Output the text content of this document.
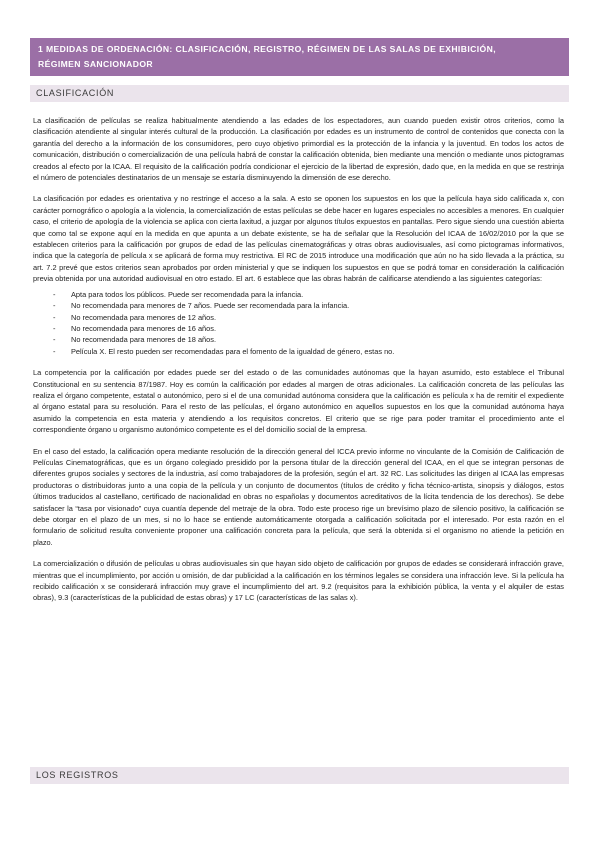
1 MEDIDAS DE ORDENACIÓN: CLASIFICACIÓN, REGISTRO, RÉGIMEN DE LAS SALAS DE EXHIBICIÓN,
RÉGIMEN SANCIONADOR
CLASIFICACIÓN

La clasificación de películas se realiza habitualmente atendiendo a las edades de los espectadores, aun cuando pueden existir otros criterios, como la clasificación atendiente al singular interés cultural de la producción. La clasificación por edades es un instrumento de control de contenidos que conecta con la garantía del derecho a la información de los consumidores, pero cuyo objetivo primordial es la protección de la infancia y la juventud. En todos los actos de comunicación, distribución o comercialización de una película habrá de constar la calificación obtenida, bien mediante una mención o mediante unos pictogramas creados al efecto por la ICAA. El requisito de la calificación podría condicionar el ejercicio de la libertad de expresión, dado que, en la medida en que se restrinja el número de potenciales destinatarios de un mensaje se estaría disminuyendo la dimensión de ese derecho.

La clasificación por edades es orientativa y no restringe el acceso a la sala. A esto se oponen los supuestos en los que la película haya sido calificada x, con carácter pornográfico o apología a la violencia, la comercialización de estas películas se debe hacer en lugares especiales no accesibles a menores. En cualquier caso, el criterio de apología de la violencia se aplica con cierta laxitud, a juzgar por algunos títulos expuestos en pantallas. Pero sigue siendo una cuestión abierta que como tal se expone aquí en la medida en que apunta a un debate existente, se ha de señalar que la Resolución del ICAA de 16/02/2010 por la que se establecen criterios para la calificación por grupos de edad de las películas cinematográficas y otras obras audiovisuales, así como pictogramas informativos, indica que la categoría de película x se aplicará de forma muy restrictiva. El RC de 2015 introduce una modificación que aún no ha sido llevada a la práctica, su art. 7.2 prevé que estos criterios sean aprobados por orden ministerial y que se indiquen los supuestos en que se podrá tomar en consideración la calificación previa obtenida por una autoridad audiovisual en otro estado. El art. 6 establece que las obras habrán de calificarse atendiendo a las siguientes categorías:

-	Apta para todos los públicos. Puede ser recomendada para la infancia.
-	No recomendada para menores de 7 años. Puede ser recomendada para la infancia.
-	No recomendada para menores de 12 años.
-	No recomendada para menores de 16 años.
-	No recomendada para menores de 18 años.
-	Película X. El resto pueden ser recomendadas para el fomento de la igualdad de género, estas no.

La competencia por la calificación por edades puede ser del estado o de las comunidades autónomas que la hayan asumido, esto establece el Tribunal Constitucional en su sentencia 87/1987. Hoy es común la calificación por edades al margen de otras adicionales. La calificación concreta de las películas las realiza el órgano competente, estatal o autonómico, pero si el de una comunidad autónoma considera que la calificación es película x ha de remitir el expediente al órgano estatal para su resolución. Para el resto de las películas, el órgano autonómico en aquellos supuestos en los que la comunidad autónoma haya asumido la competencia en esta materia y atendiendo a los requisitos concretos. El criterio que se rige para poder tramitar el procedimiento ante el correspondiente órgano u organismo autonómico competente es el del domicilio social de la empresa.

En el caso del estado, la calificación opera mediante resolución de la dirección general del ICCA previo informe no vinculante de la Comisión de Calificación de Películas Cinematográficas, que es un órgano colegiado presidido por la persona titular de la dirección general del ICAA, en el que se integran personas de diferentes grupos sociales y sectores de la industria, así como trabajadores de la profesión, según el art. 32 RC. Las solicitudes las dirigen al ICAA las empresas productoras o distribuidoras junto a una copia de la película y un conjunto de documentos (títulos de crédito y ficha técnico-artista, sinopsis y diálogos, estos últimos traducidos al castellano, certificado de nacionalidad en obras no españolas y documentos acreditativos de la lícita tendencia de los derechos). Se debe satisfacer la “tasa por visionado” cuya cuantía depende del metraje de la obra. Todo este proceso rige un brevísimo plazo de silencio positivo, la calificación se debe otorgar en el plazo de un mes, si no lo hace se entiende automáticamente otorgada a calificación solicitada por el interesado. Por esta razón en el formulario de solicitud resulta conveniente proponer una calificación concreta para la película, que será la obtenida si el organismo no atiende la petición en plazo.

La comercialización o difusión de películas u obras audiovisuales sin que hayan sido objeto de calificación por grupos de edades se considerará infracción grave, mientras que el incumplimiento, por acción u omisión, de dar publicidad a la calificación en los términos legales se considera una infracción leve. Si la película ha recibido calificación x se considerará infracción muy grave el incumplimiento del art. 9.2 (requisitos para la exhibición pública, la venta y el alquiler de estas obras), 9.3 (características de la publicidad de estas obras) y 17 LC (características de las salas x).

LOS REGISTROS
